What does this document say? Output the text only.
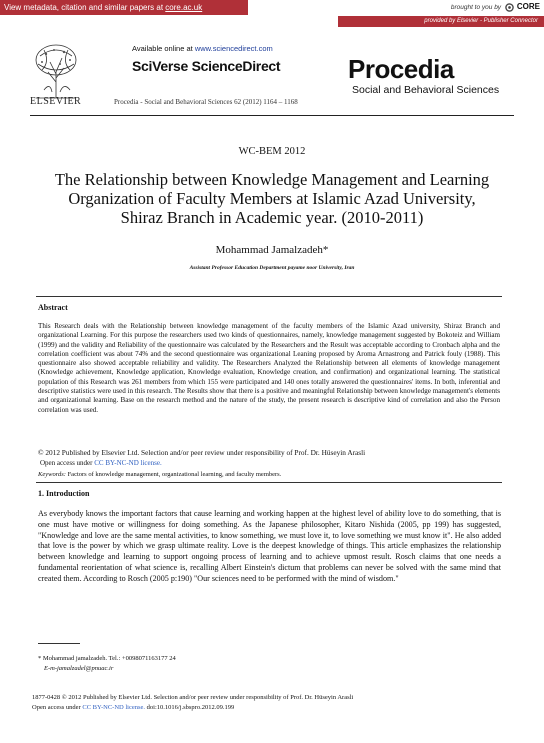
View metadata, citation and similar papers at core.ac.uk	brought to you by CORE
provided by Elsevier - Publisher Connector
ELSEVIER
Available online at www.sciencedirect.com
SciVerse ScienceDirect	Procedia
Social and Behavioral Sciences
Procedia - Social and Behavioral Sciences 62 (2012) 1164 – 1168
WC-BEM 2012
The Relationship between Knowledge Management and Learning
Organization of Faculty Members at Islamic Azad University,
Shiraz Branch in Academic year. (2010-2011)
Mohammad Jamalzadeh*
Assistant Professor Education Department payame noor University, Iran
Abstract
This Research deals with the Relationship between knowledge management of the faculty members of the Islamic Azad university, Shiraz Branch and organizational Learning. For this purpose the researchers used two kinds of questionnaires, namely, knowledge management suggested by Bokoteiz and William (1999) and the validity and Reliability of the questionnaire was calculated by the Researchers and the Result was acceptable according to Cronbach alpha and the correlation coefficient was about 74% and the second questionnaire was organizational Leaning proposed by Aroma Arnastrong and Patrick fouly (1988). This questionnaire also showed acceptable reliability and validity. The Researchers Analyzed the Relationship between all elements of knowledge management (Knowledge achievement, Knowledge application, Knowledge evaluation, Knowledge creation, and confirmation) and organizational learning. The statistical population of this Research was 261 members from which 155 were participated and 140 ones totally answered the questionnaires' items. In both, inferential and descriptive statistics were used in this research. The Results show that there is a positive and meaningful Relationship between knowledge management's elements and organizational learning. Base on the research method and the nature of the study, the present research is descriptive kind of correlation and also the Person correlation was used.
© 2012 Published by Elsevier Ltd. Selection and/or peer review under responsibility of Prof. Dr. Hüseyin Arasli
Open access under CC BY-NC-ND license.
Keywords: Factors of knowledge management, organizational learning, and faculty members.
1. Introduction
As everybody knows the important factors that cause learning and working happen at the highest level of ability love to do something, that is one must have motive or willingness for doing something. As the Japanese philosopher, Kitaro Nishida (2005, pp 199) has suggested, "Knowledge and love are the same mental activities, to know something, we must love it, to love something we must know it". He also added that love is the power by which we grasp ultimate reality. Love is the deepest knowledge of things. This article emphasizes the relationship between knowledge and learning to support ongoing process of learning and to achieve upmost result. Rosch claims that one needs a fundamental reorientation of what science is, recalling Albert Einstein's dictum that problems can never be solved with the same mind that created them. According to Rosch (2005 p:190) "Our sciences need to be performed with the mind of wisdom."
* Mohammad jamalzadeh. Tel.: +0098071163177 24
E-m-jamalzadel@pnuac.ir
1877-0428 © 2012 Published by Elsevier Ltd. Selection and/or peer review under responsibility of Prof. Dr. Hüseyin Arasli
Open access under CC BY-NC-ND license. doi:10.1016/j.sbspro.2012.09.199
